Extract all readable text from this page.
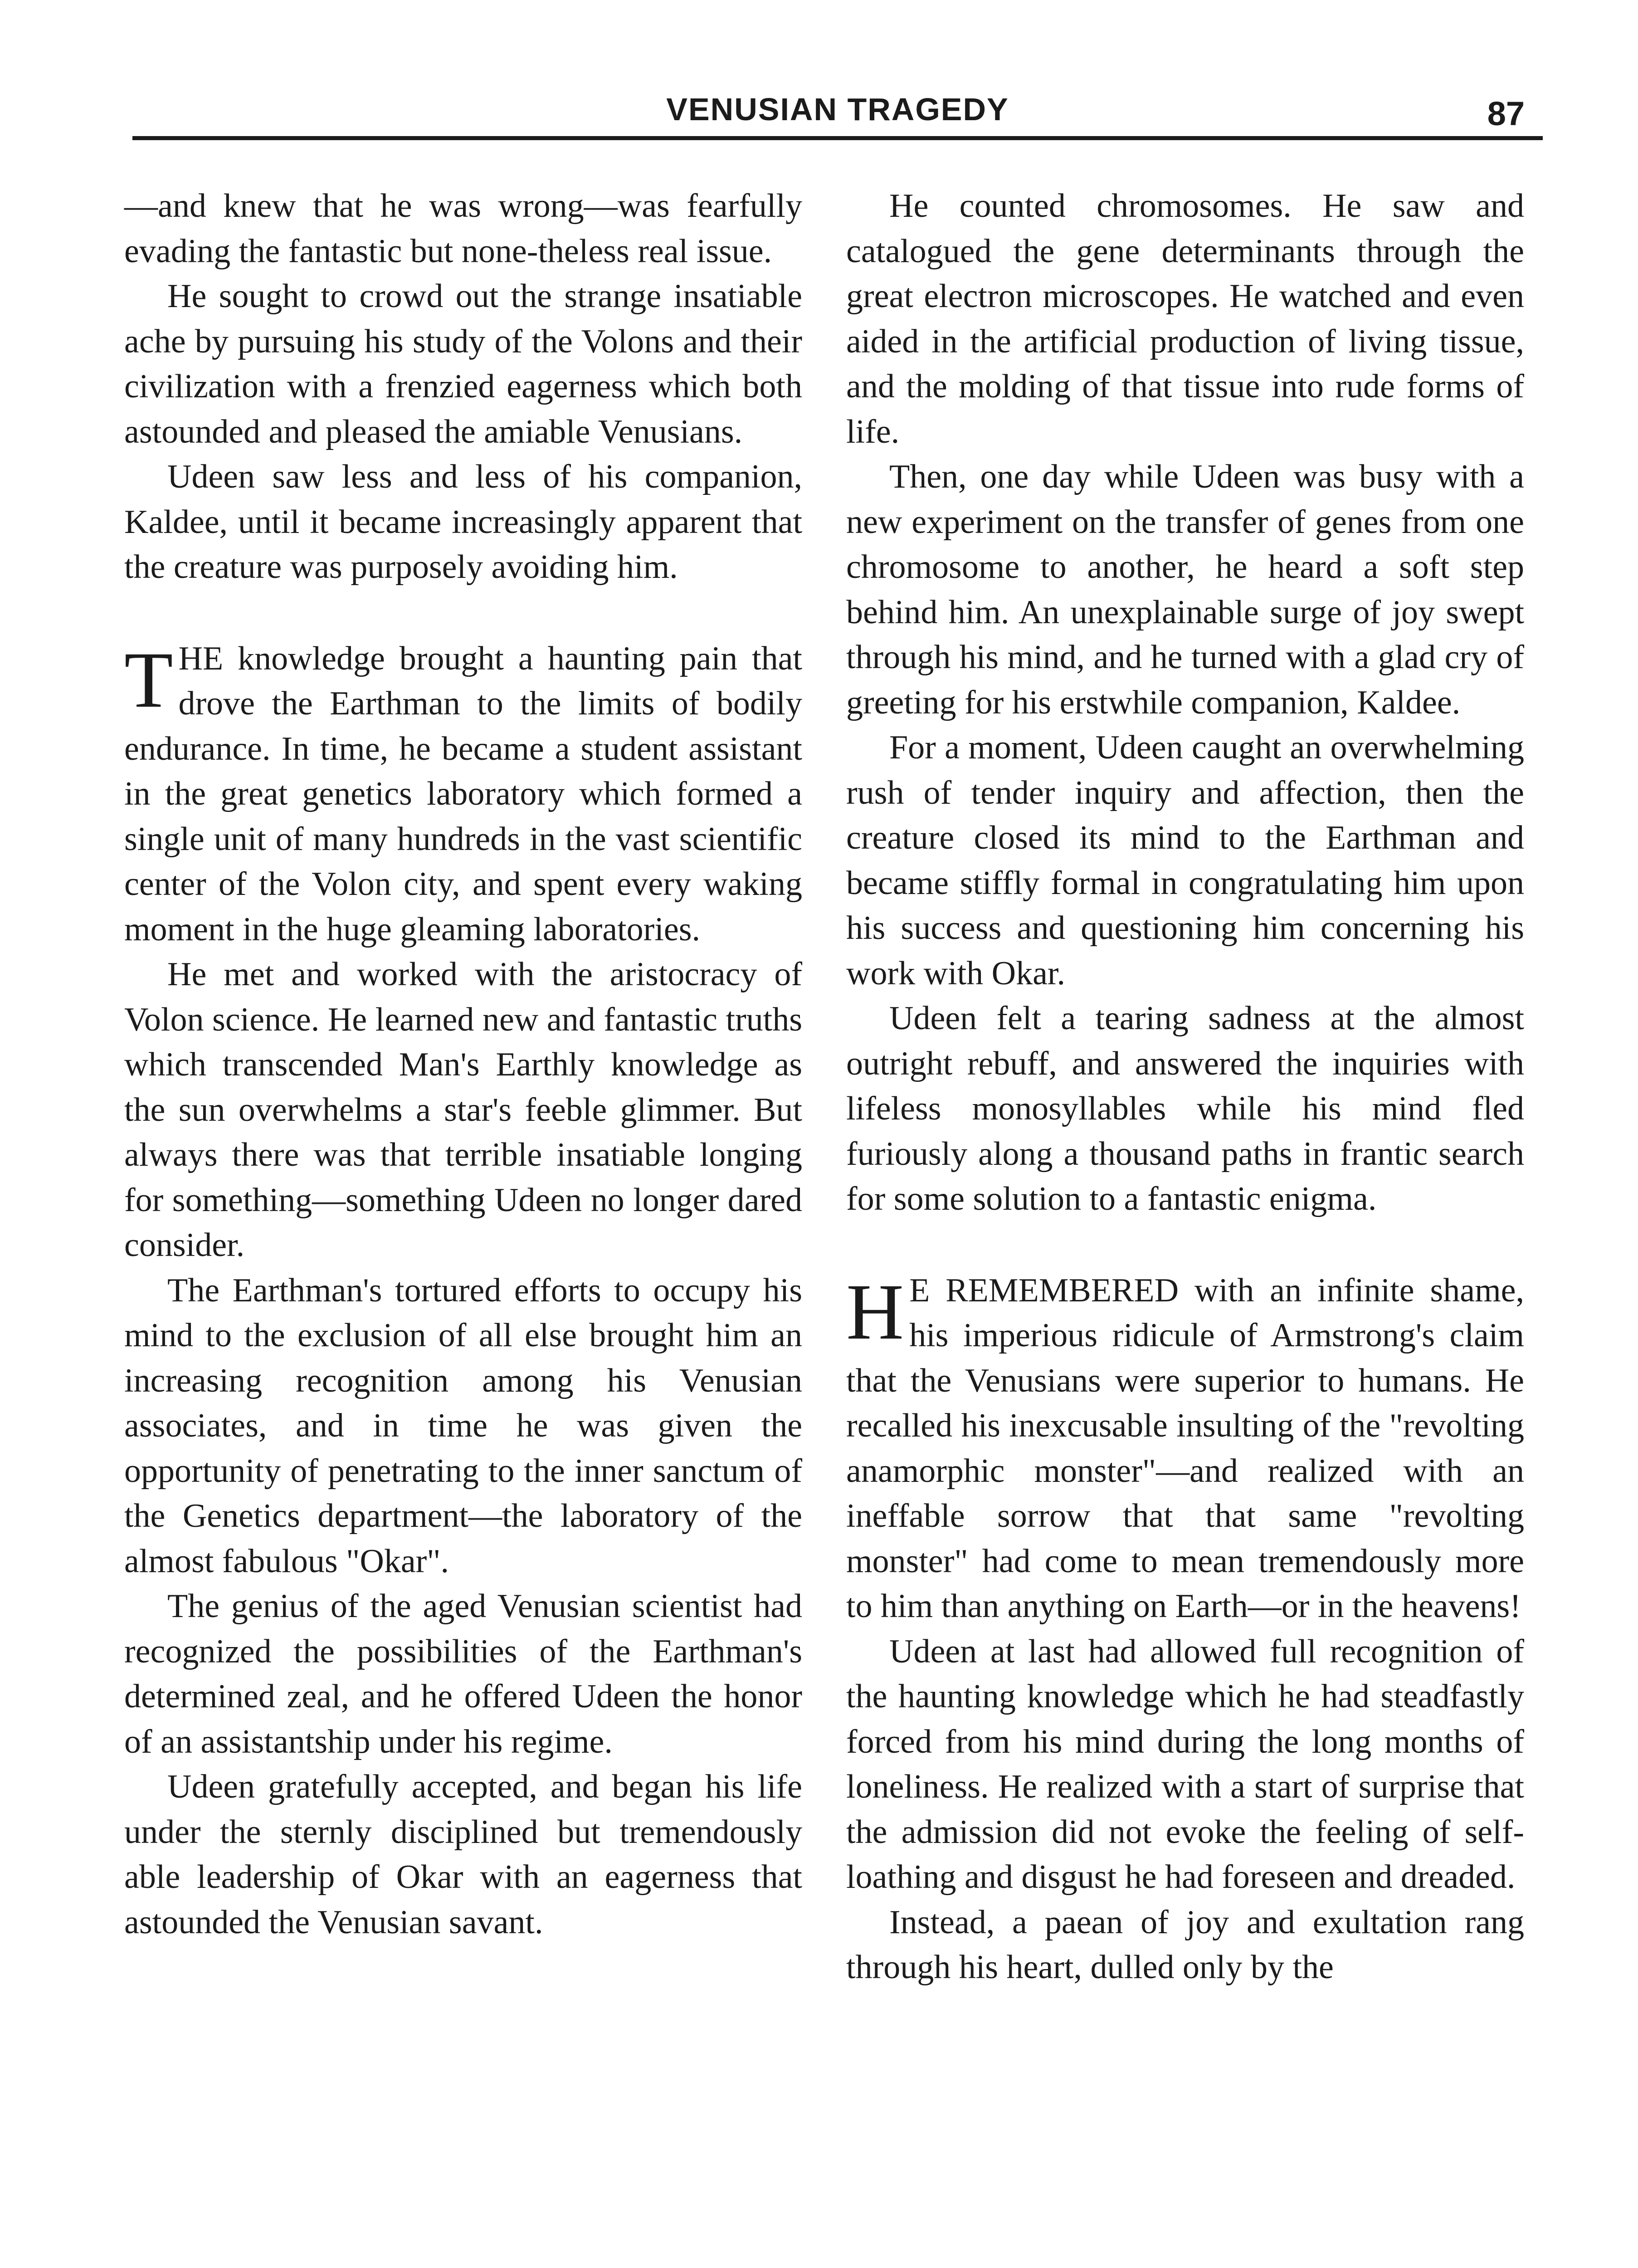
VENUSIAN TRAGEDY	87

—and knew that he was wrong—was fearfully evading the fantastic but none-theless real issue.

He sought to crowd out the strange insatiable ache by pursuing his study of the Volons and their civilization with a frenzied eagerness which both astounded and pleased the amiable Venusians.

Udeen saw less and less of his companion, Kaldee, until it became increasingly apparent that the creature was purposely avoiding him.

THE knowledge brought a haunting pain that drove the Earthman to the limits of bodily endurance. In time, he became a student assistant in the great genetics laboratory which formed a single unit of many hundreds in the vast scientific center of the Volon city, and spent every waking moment in the huge gleaming laboratories.

He met and worked with the aristocracy of Volon science. He learned new and fantastic truths which transcended Man's Earthly knowledge as the sun overwhelms a star's feeble glimmer. But always there was that terrible insatiable longing for something—something Udeen no longer dared consider.

The Earthman's tortured efforts to occupy his mind to the exclusion of all else brought him an increasing recognition among his Venusian associates, and in time he was given the opportunity of penetrating to the inner sanctum of the Genetics department—the laboratory of the almost fabulous "Okar".

The genius of the aged Venusian scientist had recognized the possibilities of the Earthman's determined zeal, and he offered Udeen the honor of an assistantship under his regime.

Udeen gratefully accepted, and began his life under the sternly disciplined but tremendously able leadership of Okar with an eagerness that astounded the Venusian savant.

He counted chromosomes. He saw and catalogued the gene determinants through the great electron microscopes. He watched and even aided in the artificial production of living tissue, and the molding of that tissue into rude forms of life.

Then, one day while Udeen was busy with a new experiment on the transfer of genes from one chromosome to another, he heard a soft step behind him. An unexplainable surge of joy swept through his mind, and he turned with a glad cry of greeting for his erstwhile companion, Kaldee.

For a moment, Udeen caught an overwhelming rush of tender inquiry and affection, then the creature closed its mind to the Earthman and became stiffly formal in congratulating him upon his success and questioning him concerning his work with Okar.

Udeen felt a tearing sadness at the almost outright rebuff, and answered the inquiries with lifeless monosyllables while his mind fled furiously along a thousand paths in frantic search for some solution to a fantastic enigma.

HE REMEMBERED with an infinite shame, his imperious ridicule of Armstrong's claim that the Venusians were superior to humans. He recalled his inexcusable insulting of the "revolting anamorphic monster"—and realized with an ineffable sorrow that that same "revolting monster" had come to mean tremendously more to him than anything on Earth—or in the heavens!

Udeen at last had allowed full recognition of the haunting knowledge which he had steadfastly forced from his mind during the long months of loneliness. He realized with a start of surprise that the admission did not evoke the feeling of self-loathing and disgust he had foreseen and dreaded.

Instead, a paean of joy and exultation rang through his heart, dulled only by the
